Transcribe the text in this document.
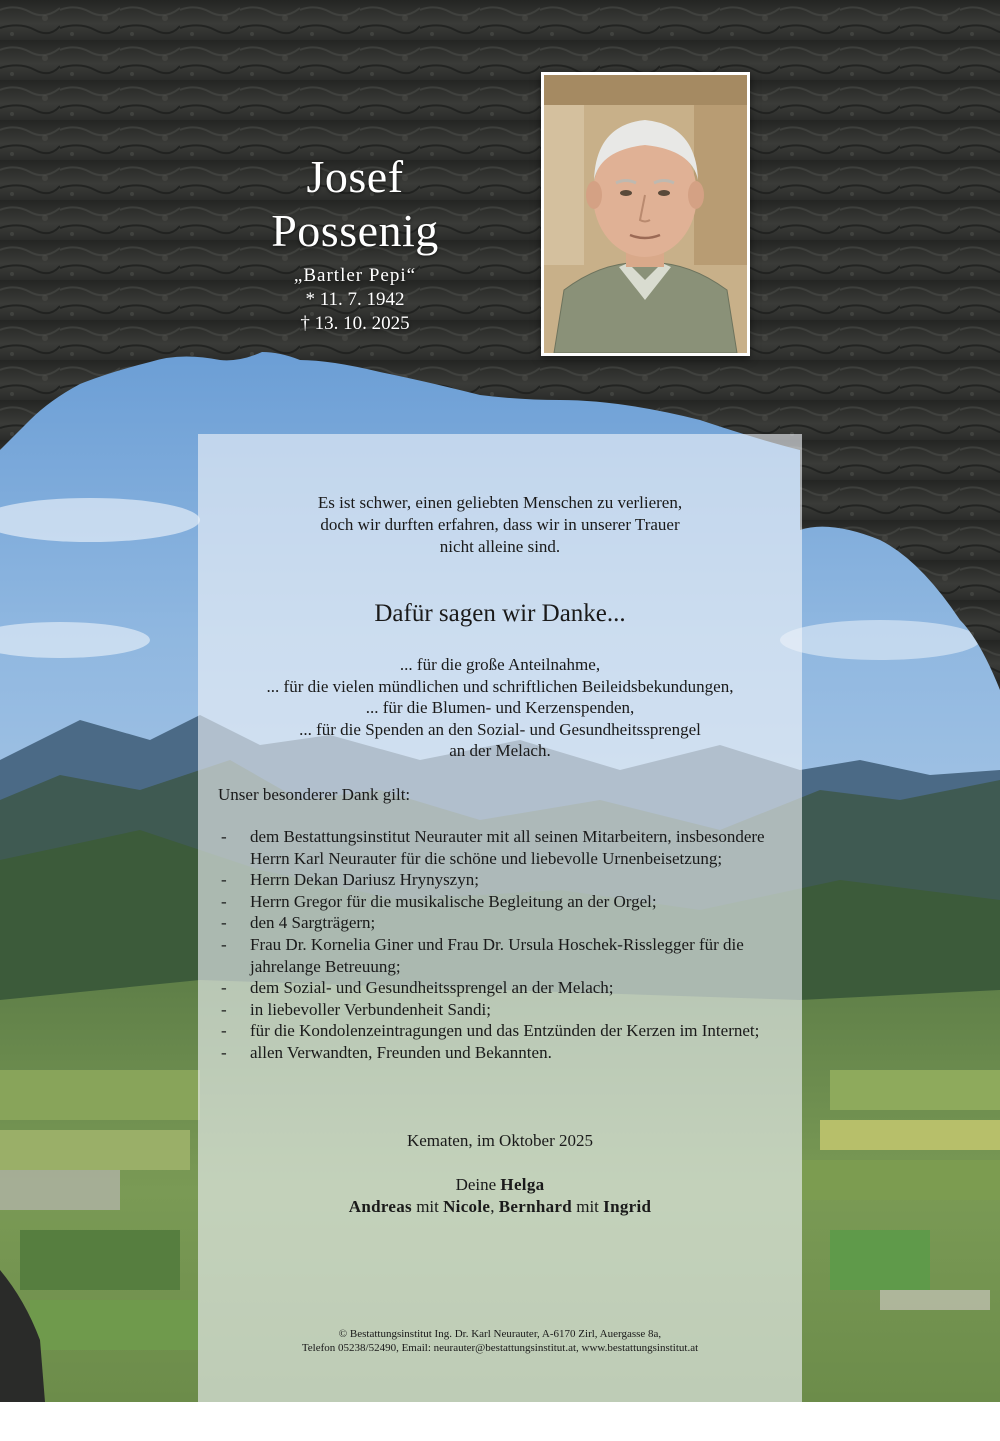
Josef
Possenig
„Bartler Pepi“
* 11. 7. 1942
† 13. 10. 2025
Es ist schwer, einen geliebten Menschen zu verlieren,
doch wir durften erfahren, dass wir in unserer Trauer
nicht alleine sind.
Dafür sagen wir Danke...
... für die große Anteilnahme,
... für die vielen mündlichen und schriftlichen Beileidsbekundungen,
... für die Blumen- und Kerzenspenden,
... für die Spenden an den Sozial- und Gesundheitssprengel
an der Melach.
Unser besonderer Dank gilt:
- dem Bestattungsinstitut Neurauter mit all seinen Mitarbeitern, insbesondere Herrn Karl Neurauter für die schöne und liebevolle Urnenbeisetzung;
- Herrn Dekan Dariusz Hrynyszyn;
- Herrn Gregor für die musikalische Begleitung an der Orgel;
- den 4 Sargträgern;
- Frau Dr. Kornelia Giner und Frau Dr. Ursula Hoschek-Risslegger für die jahrelange Betreuung;
- dem Sozial- und Gesundheitssprengel an der Melach;
- in liebevoller Verbundenheit Sandi;
- für die Kondolenzeintragungen und das Entzünden der Kerzen im Internet;
- allen Verwandten, Freunden und Bekannten.
Kematen, im Oktober 2025
Deine Helga
Andreas mit Nicole, Bernhard mit Ingrid
© Bestattungsinstitut Ing. Dr. Karl Neurauter, A-6170 Zirl, Auergasse 8a,
Telefon 05238/52490, Email: neurauter@bestattungsinstitut.at, www.bestattungsinstitut.at
